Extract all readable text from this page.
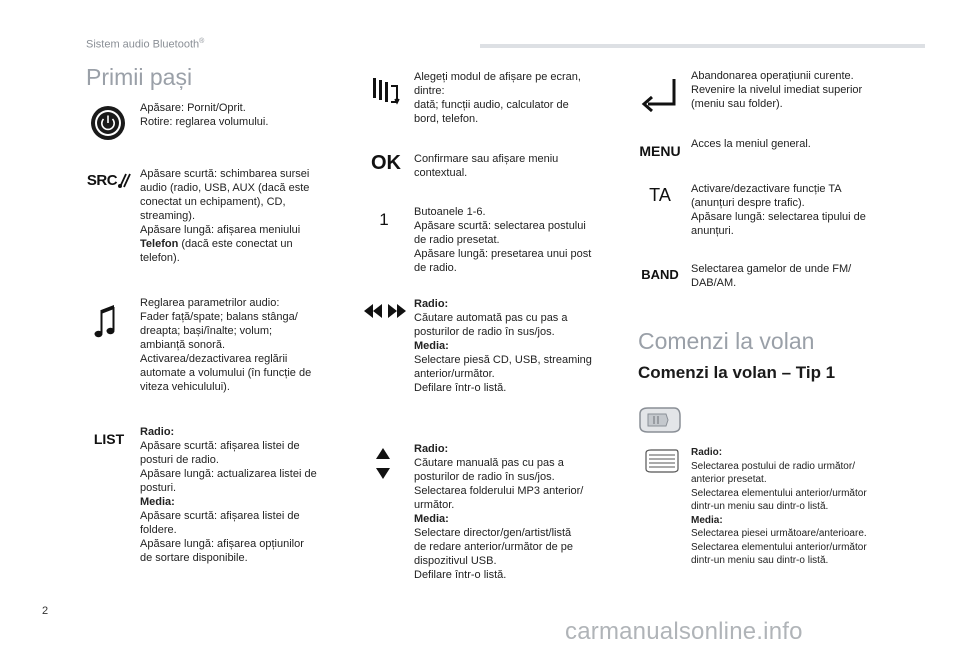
Sistem audio Bluetooth®
Primii pași
SRC
LIST
Apăsare: Pornit/Oprit.
Rotire: reglarea volumului.
Apăsare scurtă: schimbarea sursei
audio (radio, USB, AUX (dacă este
conectat un echipament), CD,
streaming).
Apăsare lungă: afișarea meniului
Telefon (dacă este conectat un
telefon).
Reglarea parametrilor audio:
Fader față/spate; balans stânga/
dreapta; bași/înalte; volum;
ambianță sonoră.
Activarea/dezactivarea reglării
automate a volumului (în funcție de
viteza vehiculului).
Radio:
Apăsare scurtă: afișarea listei de
posturi de radio.
Apăsare lungă: actualizarea listei de
posturi.
Media:
Apăsare scurtă: afișarea listei de
foldere.
Apăsare lungă: afișarea opțiunilor
de sortare disponibile.
OK
1
Alegeți modul de afișare pe ecran,
dintre:
dată; funcții audio, calculator de
bord, telefon.
Confirmare sau afișare meniu
contextual.
Butoanele 1-6.
Apăsare scurtă: selectarea postului
de radio presetat.
Apăsare lungă: presetarea unui post
de radio.
Radio:
Căutare automată pas cu pas a
posturilor de radio în sus/jos.
Media:
Selectare piesă CD, USB, streaming
anterior/următor.
Defilare într-o listă.
Radio:
Căutare manuală pas cu pas a
posturilor de radio în sus/jos.
Selectarea folderului MP3 anterior/
următor.
Media:
Selectare director/gen/artist/listă
de redare anterior/următor de pe
dispozitivul USB.
Defilare într-o listă.
MENU
TA
BAND
Abandonarea operațiunii curente.
Revenire la nivelul imediat superior
(meniu sau folder).
Acces la meniul general.
Activare/dezactivare funcție TA
(anunțuri despre trafic).
Apăsare lungă: selectarea tipului de
anunțuri.
Selectarea gamelor de unde FM/
DAB/AM.
Comenzi la volan
Comenzi la volan – Tip 1
Radio:
Selectarea postului de radio următor/
anterior presetat.
Selectarea elementului anterior/următor
dintr-un meniu sau dintr-o listă.
Media:
Selectarea piesei următoare/anterioare.
Selectarea elementului anterior/următor
dintr-un meniu sau dintr-o listă.
2
carmanualsonline.info
